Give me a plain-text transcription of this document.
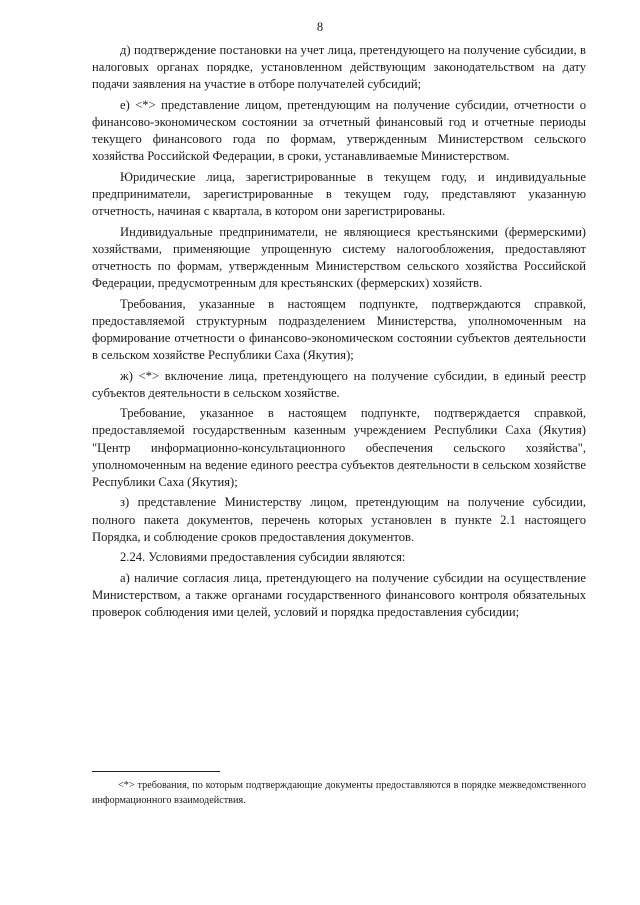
8

д) подтверждение постановки на учет лица, претендующего на получение субсидии, в налоговых органах порядке, установленном действующим законодательством на дату подачи заявления на участие в отборе получателей субсидий;

е) <*> представление лицом, претендующим на получение субсидии, отчетности о финансово-экономическом состоянии за отчетный финансовый год и отчетные периоды текущего финансового года по формам, утвержденным Министерством сельского хозяйства Российской Федерации, в сроки, устанавливаемые Министерством.

Юридические лица, зарегистрированные в текущем году, и индивидуальные предприниматели, зарегистрированные в текущем году, представляют указанную отчетность, начиная с квартала, в котором они зарегистрированы.

Индивидуальные предприниматели, не являющиеся крестьянскими (фермерскими) хозяйствами, применяющие упрощенную систему налогообложения, предоставляют отчетность по формам, утвержденным Министерством сельского хозяйства Российской Федерации, предусмотренным для крестьянских (фермерских) хозяйств.

Требования, указанные в настоящем подпункте, подтверждаются справкой, предоставляемой структурным подразделением Министерства, уполномоченным на формирование отчетности о финансово-экономическом состоянии субъектов деятельности в сельском хозяйстве Республики Саха (Якутия);

ж) <*> включение лица, претендующего на получение субсидии, в единый реестр субъектов деятельности в сельском хозяйстве.

Требование, указанное в настоящем подпункте, подтверждается справкой, предоставляемой государственным казенным учреждением Республики Саха (Якутия) "Центр информационно-консультационного обеспечения сельского хозяйства", уполномоченным на ведение единого реестра субъектов деятельности в сельском хозяйстве Республики Саха (Якутия);

з) представление Министерству лицом, претендующим на получение субсидии, полного пакета документов, перечень которых установлен в пункте 2.1 настоящего Порядка, и соблюдение сроков предоставления документов.

2.24. Условиями предоставления субсидии являются:

а) наличие согласия лица, претендующего на получение субсидии на осуществление Министерством, а также органами государственного финансового контроля обязательных проверок соблюдения ими целей, условий и порядка предоставления субсидии;

<*> требования, по которым подтверждающие документы предоставляются в порядке межведомственного информационного взаимодействия.
